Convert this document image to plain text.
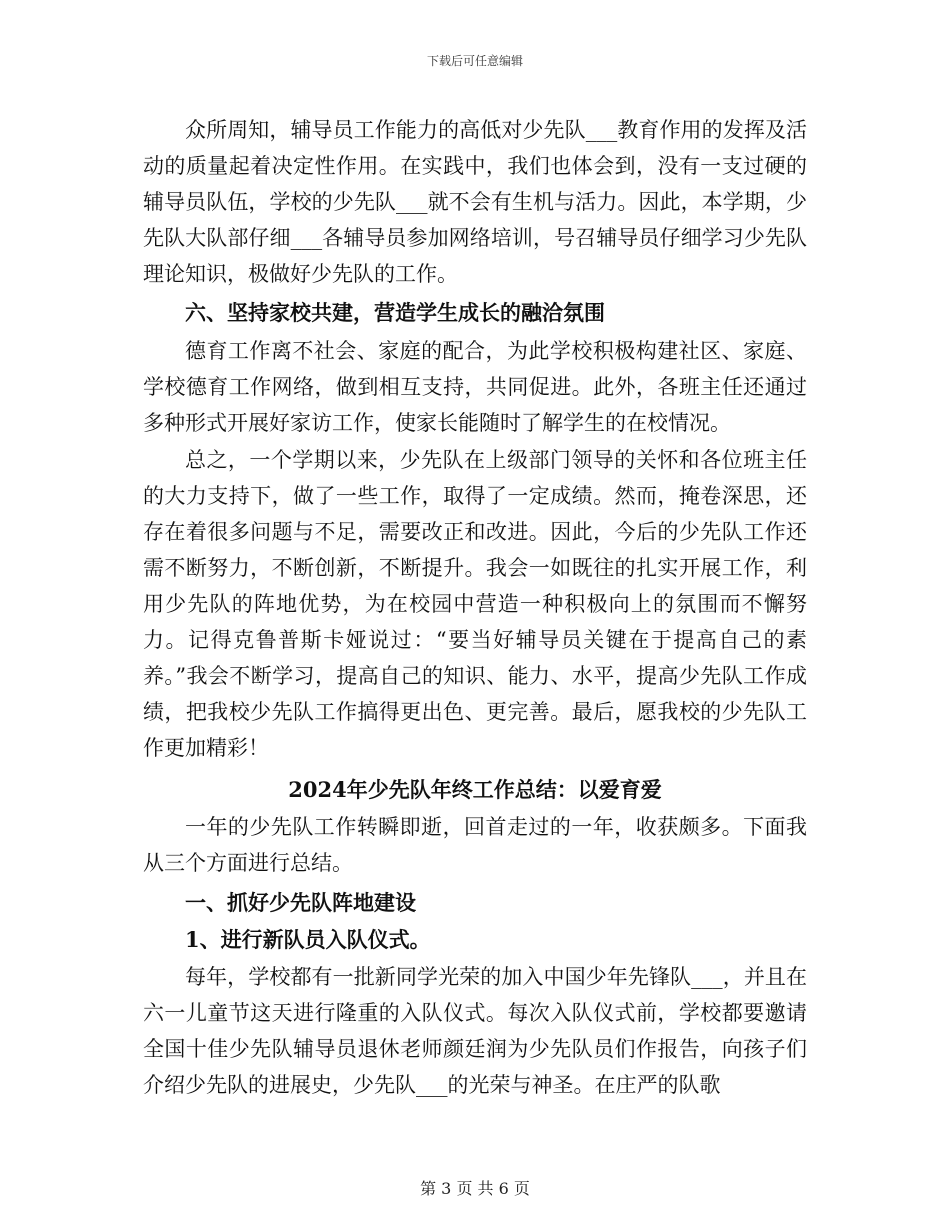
下载后可任意编辑

众所周知，辅导员工作能力的高低对少先队___教育作用的发挥及活动的质量起着决定性作用。在实践中，我们也体会到，没有一支过硬的辅导员队伍，学校的少先队___就不会有生机与活力。因此，本学期，少先队大队部仔细___各辅导员参加网络培训，号召辅导员仔细学习少先队理论知识，极做好少先队的工作。

六、坚持家校共建，营造学生成长的融洽氛围

德育工作离不社会、家庭的配合，为此学校积极构建社区、家庭、学校德育工作网络，做到相互支持，共同促进。此外，各班主任还通过多种形式开展好家访工作，使家长能随时了解学生的在校情况。

总之，一个学期以来，少先队在上级部门领导的关怀和各位班主任的大力支持下，做了一些工作，取得了一定成绩。然而，掩卷深思，还存在着很多问题与不足，需要改正和改进。因此，今后的少先队工作还需不断努力，不断创新，不断提升。我会一如既往的扎实开展工作，利用少先队的阵地优势，为在校园中营造一种积极向上的氛围而不懈努力。记得克鲁普斯卡娅说过：“要当好辅导员关键在于提高自己的素养。”我会不断学习，提高自己的知识、能力、水平，提高少先队工作成绩，把我校少先队工作搞得更出色、更完善。最后，愿我校的少先队工作更加精彩！

2024年少先队年终工作总结：以爱育爱

一年的少先队工作转瞬即逝，回首走过的一年，收获颇多。下面我从三个方面进行总结。

一、抓好少先队阵地建设

1、进行新队员入队仪式。

每年，学校都有一批新同学光荣的加入中国少年先锋队___，并且在六一儿童节这天进行隆重的入队仪式。每次入队仪式前，学校都要邀请全国十佳少先队辅导员退休老师颜廷润为少先队员们作报告，向孩子们介绍少先队的进展史，少先队___的光荣与神圣。在庄严的队歌

第 3 页 共 6 页
